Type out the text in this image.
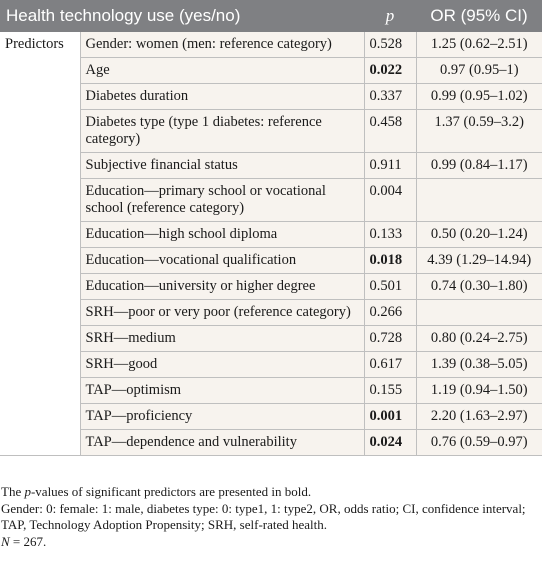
Health technology use (yes/no)		p	OR (95% CI)
Predictors	Gender: women (men: reference category)	0.528	1.25 (0.62–2.51)
	Age	0.022	0.97 (0.95–1)
	Diabetes duration	0.337	0.99 (0.95–1.02)
	Diabetes type (type 1 diabetes: reference category)	0.458	1.37 (0.59–3.2)
	Subjective financial status	0.911	0.99 (0.84–1.17)
	Education—primary school or vocational school (reference category)	0.004	
	Education—high school diploma	0.133	0.50 (0.20–1.24)
	Education—vocational qualification	0.018	4.39 (1.29–14.94)
	Education—university or higher degree	0.501	0.74 (0.30–1.80)
	SRH—poor or very poor (reference category)	0.266	
	SRH—medium	0.728	0.80 (0.24–2.75)
	SRH—good	0.617	1.39 (0.38–5.05)
	TAP—optimism	0.155	1.19 (0.94–1.50)
	TAP—proficiency	0.001	2.20 (1.63–2.97)
	TAP—dependence and vulnerability	0.024	0.76 (0.59–0.97)
The p-values of significant predictors are presented in bold.
Gender: 0: female: 1: male, diabetes type: 0: type1, 1: type2, OR, odds ratio; CI, confidence interval; TAP, Technology Adoption Propensity; SRH, self-rated health.
N = 267.
